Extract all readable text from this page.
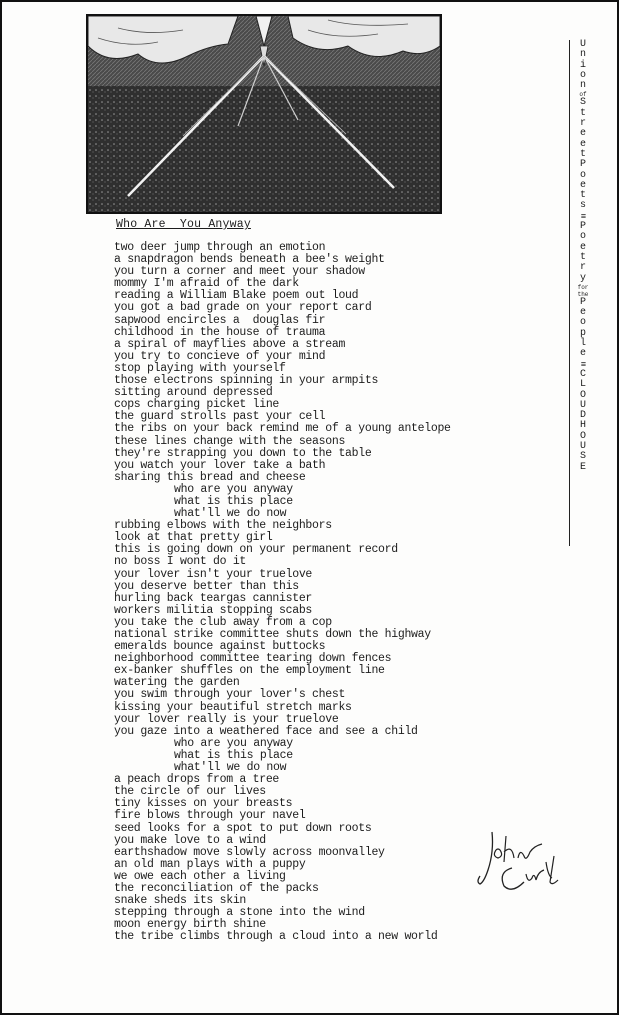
Who Are  You Anyway
two deer jump through an emotion
a snapdragon bends beneath a bee's weight
you turn a corner and meet your shadow
mommy I'm afraid of the dark
reading a William Blake poem out loud
you got a bad grade on your report card
sapwood encircles a  douglas fir
childhood in the house of trauma
a spiral of mayflies above a stream
you try to concieve of your mind
stop playing with yourself
those electrons spinning in your armpits
sitting around depressed
cops charging picket line
the guard strolls past your cell
the ribs on your back remind me of a young antelope
these lines change with the seasons
they're strapping you down to the table
you watch your lover take a bath
sharing this bread and cheese
who are you anyway
what is this place
what'll we do now
rubbing elbows with the neighbors
look at that pretty girl
this is going down on your permanent record
no boss I wont do it
your lover isn't your truelove
you deserve better than this
hurling back teargas cannister
workers militia stopping scabs
you take the club away from a cop
national strike committee shuts down the highway
emeralds bounce against buttocks
neighborhood committee tearing down fences
ex-banker shuffles on the employment line
watering the garden
you swim through your lover's chest
kissing your beautiful stretch marks
your lover really is your truelove
you gaze into a weathered face and see a child
who are you anyway
what is this place
what'll we do now
a peach drops from a tree
the circle of our lives
tiny kisses on your breasts
fire blows through your navel
seed looks for a spot to put down roots
you make love to a wind
earthshadow move slowly across moonvalley
an old man plays with a puppy
we owe each other a living
the reconciliation of the packs
snake sheds its skin
stepping through a stone into the wind
moon energy birth shine
the tribe climbs through a cloud into a new world
U
n
i
o
n
of
S
t
r
e
e
t
P
o
e
t
s
≡
P
o
e
t
r
y
for
the
P
e
o
p
l
e
≡
C
L
O
U
D
H
O
U
S
E
